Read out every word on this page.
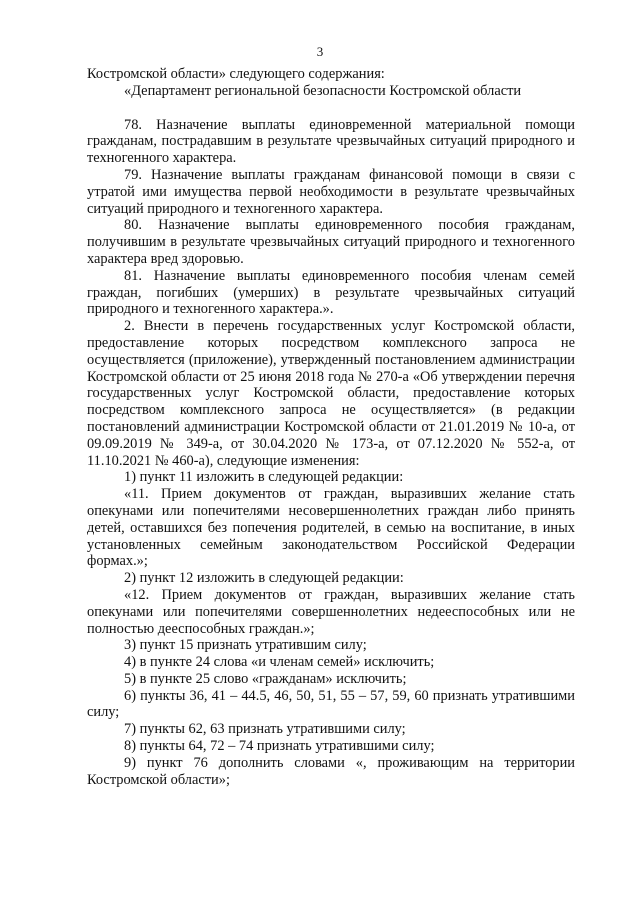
3

Костромской области» следующего содержания:

«Департамент региональной безопасности Костромской области

78. Назначение выплаты единовременной материальной помощи гражданам, пострадавшим в результате чрезвычайных ситуаций природного и техногенного характера.

79. Назначение выплаты гражданам финансовой помощи в связи с утратой ими имущества первой необходимости в результате чрезвычайных ситуаций природного и техногенного характера.

80. Назначение выплаты единовременного пособия гражданам, получившим в результате чрезвычайных ситуаций природного и техногенного характера вред здоровью.

81. Назначение выплаты единовременного пособия членам семей граждан, погибших (умерших) в результате чрезвычайных ситуаций природного и техногенного характера.».

2. Внести в перечень государственных услуг Костромской области, предоставление которых посредством комплексного запроса не осуществляется (приложение), утвержденный постановлением администрации Костромской области от 25 июня 2018 года № 270-а «Об утверждении перечня государственных услуг Костромской области, предоставление которых посредством комплексного запроса не осуществляется» (в редакции постановлений администрации Костромской области от 21.01.2019 № 10-а, от 09.09.2019 № 349-а, от 30.04.2020 № 173-а, от 07.12.2020 № 552-а, от 11.10.2021 № 460-а), следующие изменения:

1) пункт 11 изложить в следующей редакции:

«11. Прием документов от граждан, выразивших желание стать опекунами или попечителями несовершеннолетних граждан либо принять детей, оставшихся без попечения родителей, в семью на воспитание, в иных установленных семейным законодательством Российской Федерации формах.»;

2) пункт 12 изложить в следующей редакции:

«12. Прием документов от граждан, выразивших желание стать опекунами или попечителями совершеннолетних недееспособных или не полностью дееспособных граждан.»;

3) пункт 15 признать утратившим силу;

4) в пункте 24 слова «и членам семей» исключить;

5) в пункте 25 слово «гражданам» исключить;

6) пункты 36, 41 – 44.5, 46, 50, 51, 55 – 57, 59, 60 признать утратившими силу;

7) пункты 62, 63 признать утратившими силу;

8) пункты 64, 72 – 74 признать утратившими силу;

9) пункт 76 дополнить словами «, проживающим на территории Костромской области»;
